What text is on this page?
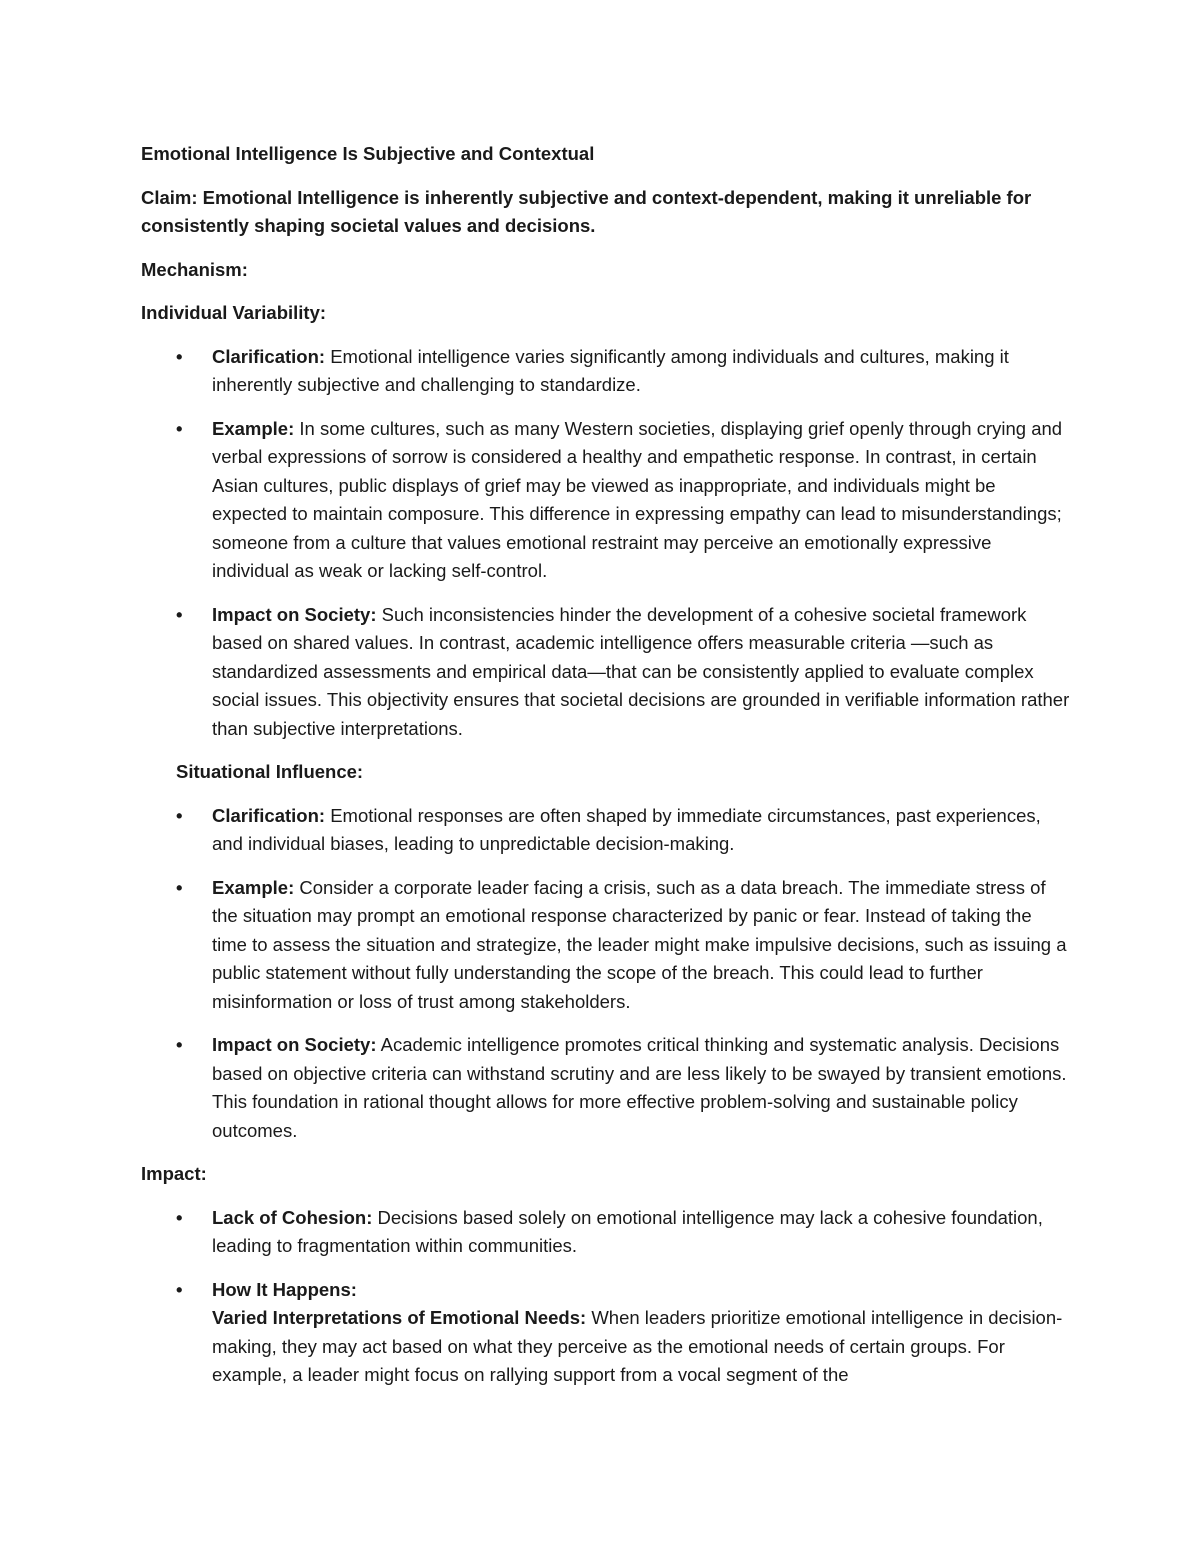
Emotional Intelligence Is Subjective and Contextual

Claim: Emotional Intelligence is inherently subjective and context-dependent, making it unreliable for consistently shaping societal values and decisions.

Mechanism:

Individual Variability:

• Clarification: Emotional intelligence varies significantly among individuals and cultures, making it inherently subjective and challenging to standardize.
• Example: In some cultures, such as many Western societies, displaying grief openly through crying and verbal expressions of sorrow is considered a healthy and empathetic response. In contrast, in certain Asian cultures, public displays of grief may be viewed as inappropriate, and individuals might be expected to maintain composure. This difference in expressing empathy can lead to misunderstandings; someone from a culture that values emotional restraint may perceive an emotionally expressive individual as weak or lacking self-control.
• Impact on Society: Such inconsistencies hinder the development of a cohesive societal framework based on shared values. In contrast, academic intelligence offers measurable criteria —such as standardized assessments and empirical data—that can be consistently applied to evaluate complex social issues. This objectivity ensures that societal decisions are grounded in verifiable information rather than subjective interpretations.

Situational Influence:

• Clarification: Emotional responses are often shaped by immediate circumstances, past experiences, and individual biases, leading to unpredictable decision-making.
• Example: Consider a corporate leader facing a crisis, such as a data breach. The immediate stress of the situation may prompt an emotional response characterized by panic or fear. Instead of taking the time to assess the situation and strategize, the leader might make impulsive decisions, such as issuing a public statement without fully understanding the scope of the breach. This could lead to further misinformation or loss of trust among stakeholders.
• Impact on Society: Academic intelligence promotes critical thinking and systematic analysis. Decisions based on objective criteria can withstand scrutiny and are less likely to be swayed by transient emotions. This foundation in rational thought allows for more effective problem-solving and sustainable policy outcomes.

Impact:

• Lack of Cohesion: Decisions based solely on emotional intelligence may lack a cohesive foundation, leading to fragmentation within communities.
• How It Happens:
Varied Interpretations of Emotional Needs: When leaders prioritize emotional intelligence in decision-making, they may act based on what they perceive as the emotional needs of certain groups. For example, a leader might focus on rallying support from a vocal segment of the
